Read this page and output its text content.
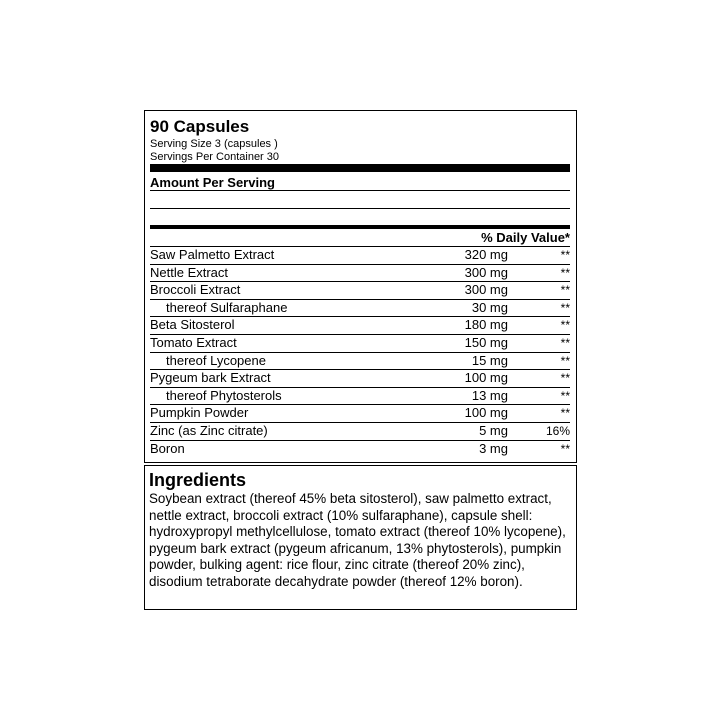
90 Capsules
Serving Size 3 (capsules )
Servings Per Container 30
Amount Per Serving
% Daily Value*
Saw Palmetto Extract	320 mg	**
Nettle Extract	300 mg	**
Broccoli Extract	300 mg	**
thereof Sulfaraphane	30 mg	**
Beta Sitosterol	180 mg	**
Tomato Extract	150 mg	**
thereof Lycopene	15 mg	**
Pygeum bark Extract	100 mg	**
thereof Phytosterols	13 mg	**
Pumpkin Powder	100 mg	**
Zinc (as Zinc citrate)	5 mg	16%
Boron	3 mg	**
Ingredients

Soybean extract (thereof 45% beta sitosterol), saw palmetto extract, nettle extract, broccoli extract (10% sulfaraphane), capsule shell: hydroxypropyl methylcellulose, tomato extract (thereof 10% lycopene), pygeum bark extract (pygeum africanum, 13% phytosterols), pumpkin powder, bulking agent: rice flour, zinc citrate (thereof 20% zinc), disodium tetraborate decahydrate powder (thereof 12% boron).
